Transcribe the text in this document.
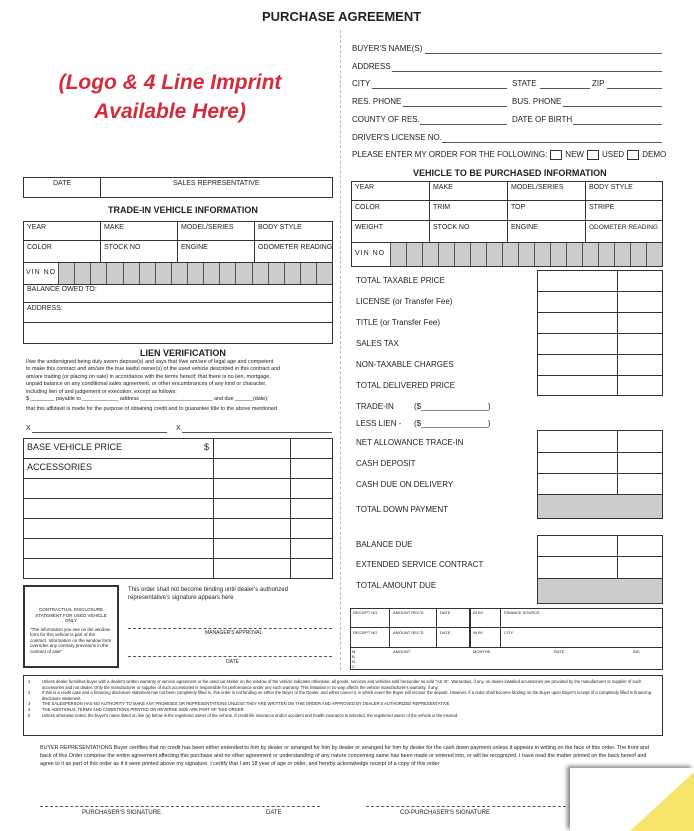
PURCHASE AGREEMENT
(Logo & 4 Line Imprint
Available Here)
BUYER'S NAME(S)
ADDRESS
CITY	STATE	ZIP
RES. PHONE	BUS. PHONE
COUNTY OF RES.	DATE OF BIRTH
DRIVER'S LICENSE NO.
PLEASE ENTER MY ORDER FOR THE FOLLOWING: NEW USED DEMO
DATE	SALES REPRESENTATIVE
TRADE-IN VEHICLE INFORMATION
YEAR	MAKE	MODEL/SERIES	BODY STYLE
COLOR	STOCK NO	ENGINE	ODOMETER READING
VIN NO
BALANCE OWED TO:
ADDRESS:
LIEN VERIFICATION
I/we the undersigned being duly sworn depose(s) and says that I/we am/are of legal age and competent
to make this contract and am/are the true lawful owner(s) of the used vehicle described in this contract and
am/are trading (or placing on sale) in accordance with the terms hereof; that there is no lien, mortgage,
unpaid balance on any conditional sales agreement, or other encumbrances of any kind or character,
including lien of and judgement or execution, except as follows:
$ ________ payable to ____________ address ________________________ and due ______(date);
that this affidavit is made for the purpose of obtaining credit and to guarantee title to the above mentioned
X	X
BASE VEHICLE PRICE	$
ACCESSORIES
CONTRACTUAL DISCLOSURE STATEMENT FOR USED VEHICLE ONLY
"The information you see on the window form for this vehicle is part of the contract. Information on the window form overrides any contrary provisions in the contract of sale"
This order shall not become binding until dealer's authorized representative's signature appears here
MANAGER'S APPROVAL
DATE
VEHICLE TO BE PURCHASED INFORMATION
YEAR	MAKE	MODEL/SERIES	BODY STYLE
COLOR	TRIM	TOP	STRIPE
WEIGHT	STOCK NO	ENGINE	ODOMETER READING
VIN NO
TOTAL TAXABLE PRICE
LICENSE (or Transfer Fee)
TITLE (or Transfer Fee)
SALES TAX
NON-TAXABLE CHARGES
TOTAL DELIVERED PRICE
TRADE-IN	($_______________)
LESS LIEN - ($_______________)
NET ALLOWANCE TRACE-IN
CASH DEPOSIT
CASH DUE ON DELIVERY
TOTAL DOWN PAYMENT
BALANCE DUE
EXTENDED SERVICE CONTRACT
TOTAL AMOUNT DUE
RECEIPT NO	AMOUNT REC'D	DATE	IN BY	FINANCE SOURCE
RECEIPT NO	AMOUNT REC'D	DATE	IN BY	CITY
M B N C
AMOUNT	MONTHS	RATE	INS
1	Unless dealer furnishes buyer with a dealer's written warranty or service agreement or the used car sticker on the window of the vehicle indicates otherwise, all goods, services and vehicles sold hereunder as sold "AS IS". Warranties, if any, on dealer-installed accessories are provided by the manufacturer or supplier of such accessories and not dealer. Only the manufacturer or supplier of such accessories is responsible for performance under any such warranty. This limitation in no way affects the vehicle manufacturer's warranty, if any.
2	If this is a credit case and a financing disclosure statement has not been completely filled in, this order is not binding on either the Buyer or the Dealer, and either cancel it, in which event the Buyer will recover the deposit. However, if a order shall become binding on the Buyer upon Buyer's receipt of a completely filled in financing disclosure statement.
3	THE SALESPERSON HAS NO AUTHORITY TO MAKE ANY PROMISES OR REPRESENTATIONS UNLESS THEY ARE WRITTEN ON THIS ORDER AND APPROVED BY DEALER'S AUTHORIZED REPRESENTATIVE
4	THE ADDITIONAL TERMS AND CONDITIONS PRINTED ON REVERSE SIDE ARE PART OF THIS ORDER
5	Unless otherwise noted, the buyer's name listed on line (a) below is the registered owner of the vehicle. If credit life insurance and/or accident and health insurance is selected, the registered owner of the vehicle is the insured.
BUYER REPRESENTATIONS Buyer certifies that no credit has been either extended to him by dealer or arranged for him by dealer or arranged for him by dealer for the cash down payment unless it appears in writing on the face of this order. The front and back of this Order comprise the entire agreement affecting this purchase and no other agreement or understanding of any nature concerning same has been made or entered into, or will be recognized. I have read the matter printed on the back hereof and agree to it as part of this order as if it were printed above my signature. I certify that I am 18 year of age or older, and hereby acknowledge receipt of a copy of this order
PURCHASER'S SIGNATURE	DATE	CO-PURCHASER'S SIGNATURE
